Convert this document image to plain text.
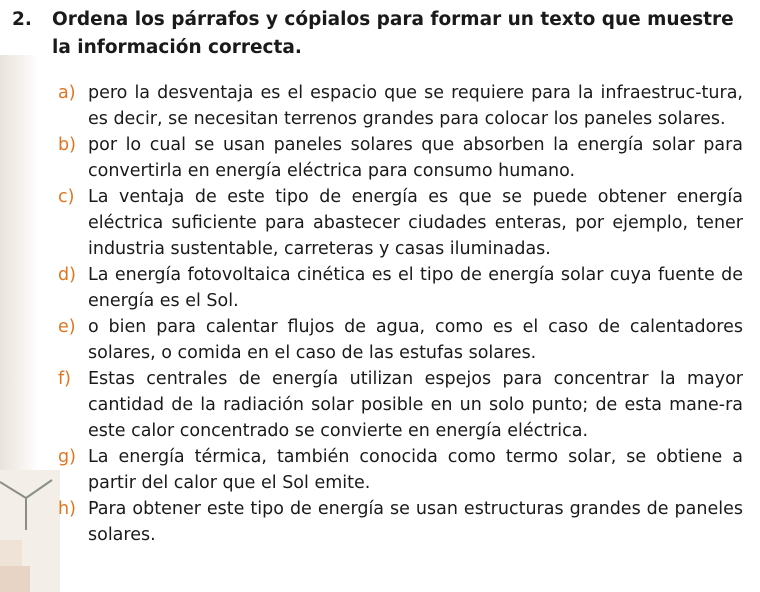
2. Ordena los párrafos y cópialos para formar un texto que muestre la información correcta.
a) pero la desventaja es el espacio que se requiere para la infraestruc-tura, es decir, se necesitan terrenos grandes para colocar los paneles solares.
b) por lo cual se usan paneles solares que absorben la energía solar para convertirla en energía eléctrica para consumo humano.
c) La ventaja de este tipo de energía es que se puede obtener energía eléctrica suficiente para abastecer ciudades enteras, por ejemplo, tener industria sustentable, carreteras y casas iluminadas.
d) La energía fotovoltaica cinética es el tipo de energía solar cuya fuente de energía es el Sol.
e) o bien para calentar flujos de agua, como es el caso de calentadores solares, o comida en el caso de las estufas solares.
f) Estas centrales de energía utilizan espejos para concentrar la mayor cantidad de la radiación solar posible en un solo punto; de esta mane-ra este calor concentrado se convierte en energía eléctrica.
g) La energía térmica, también conocida como termo solar, se obtiene a partir del calor que el Sol emite.
h) Para obtener este tipo de energía se usan estructuras grandes de paneles solares.
